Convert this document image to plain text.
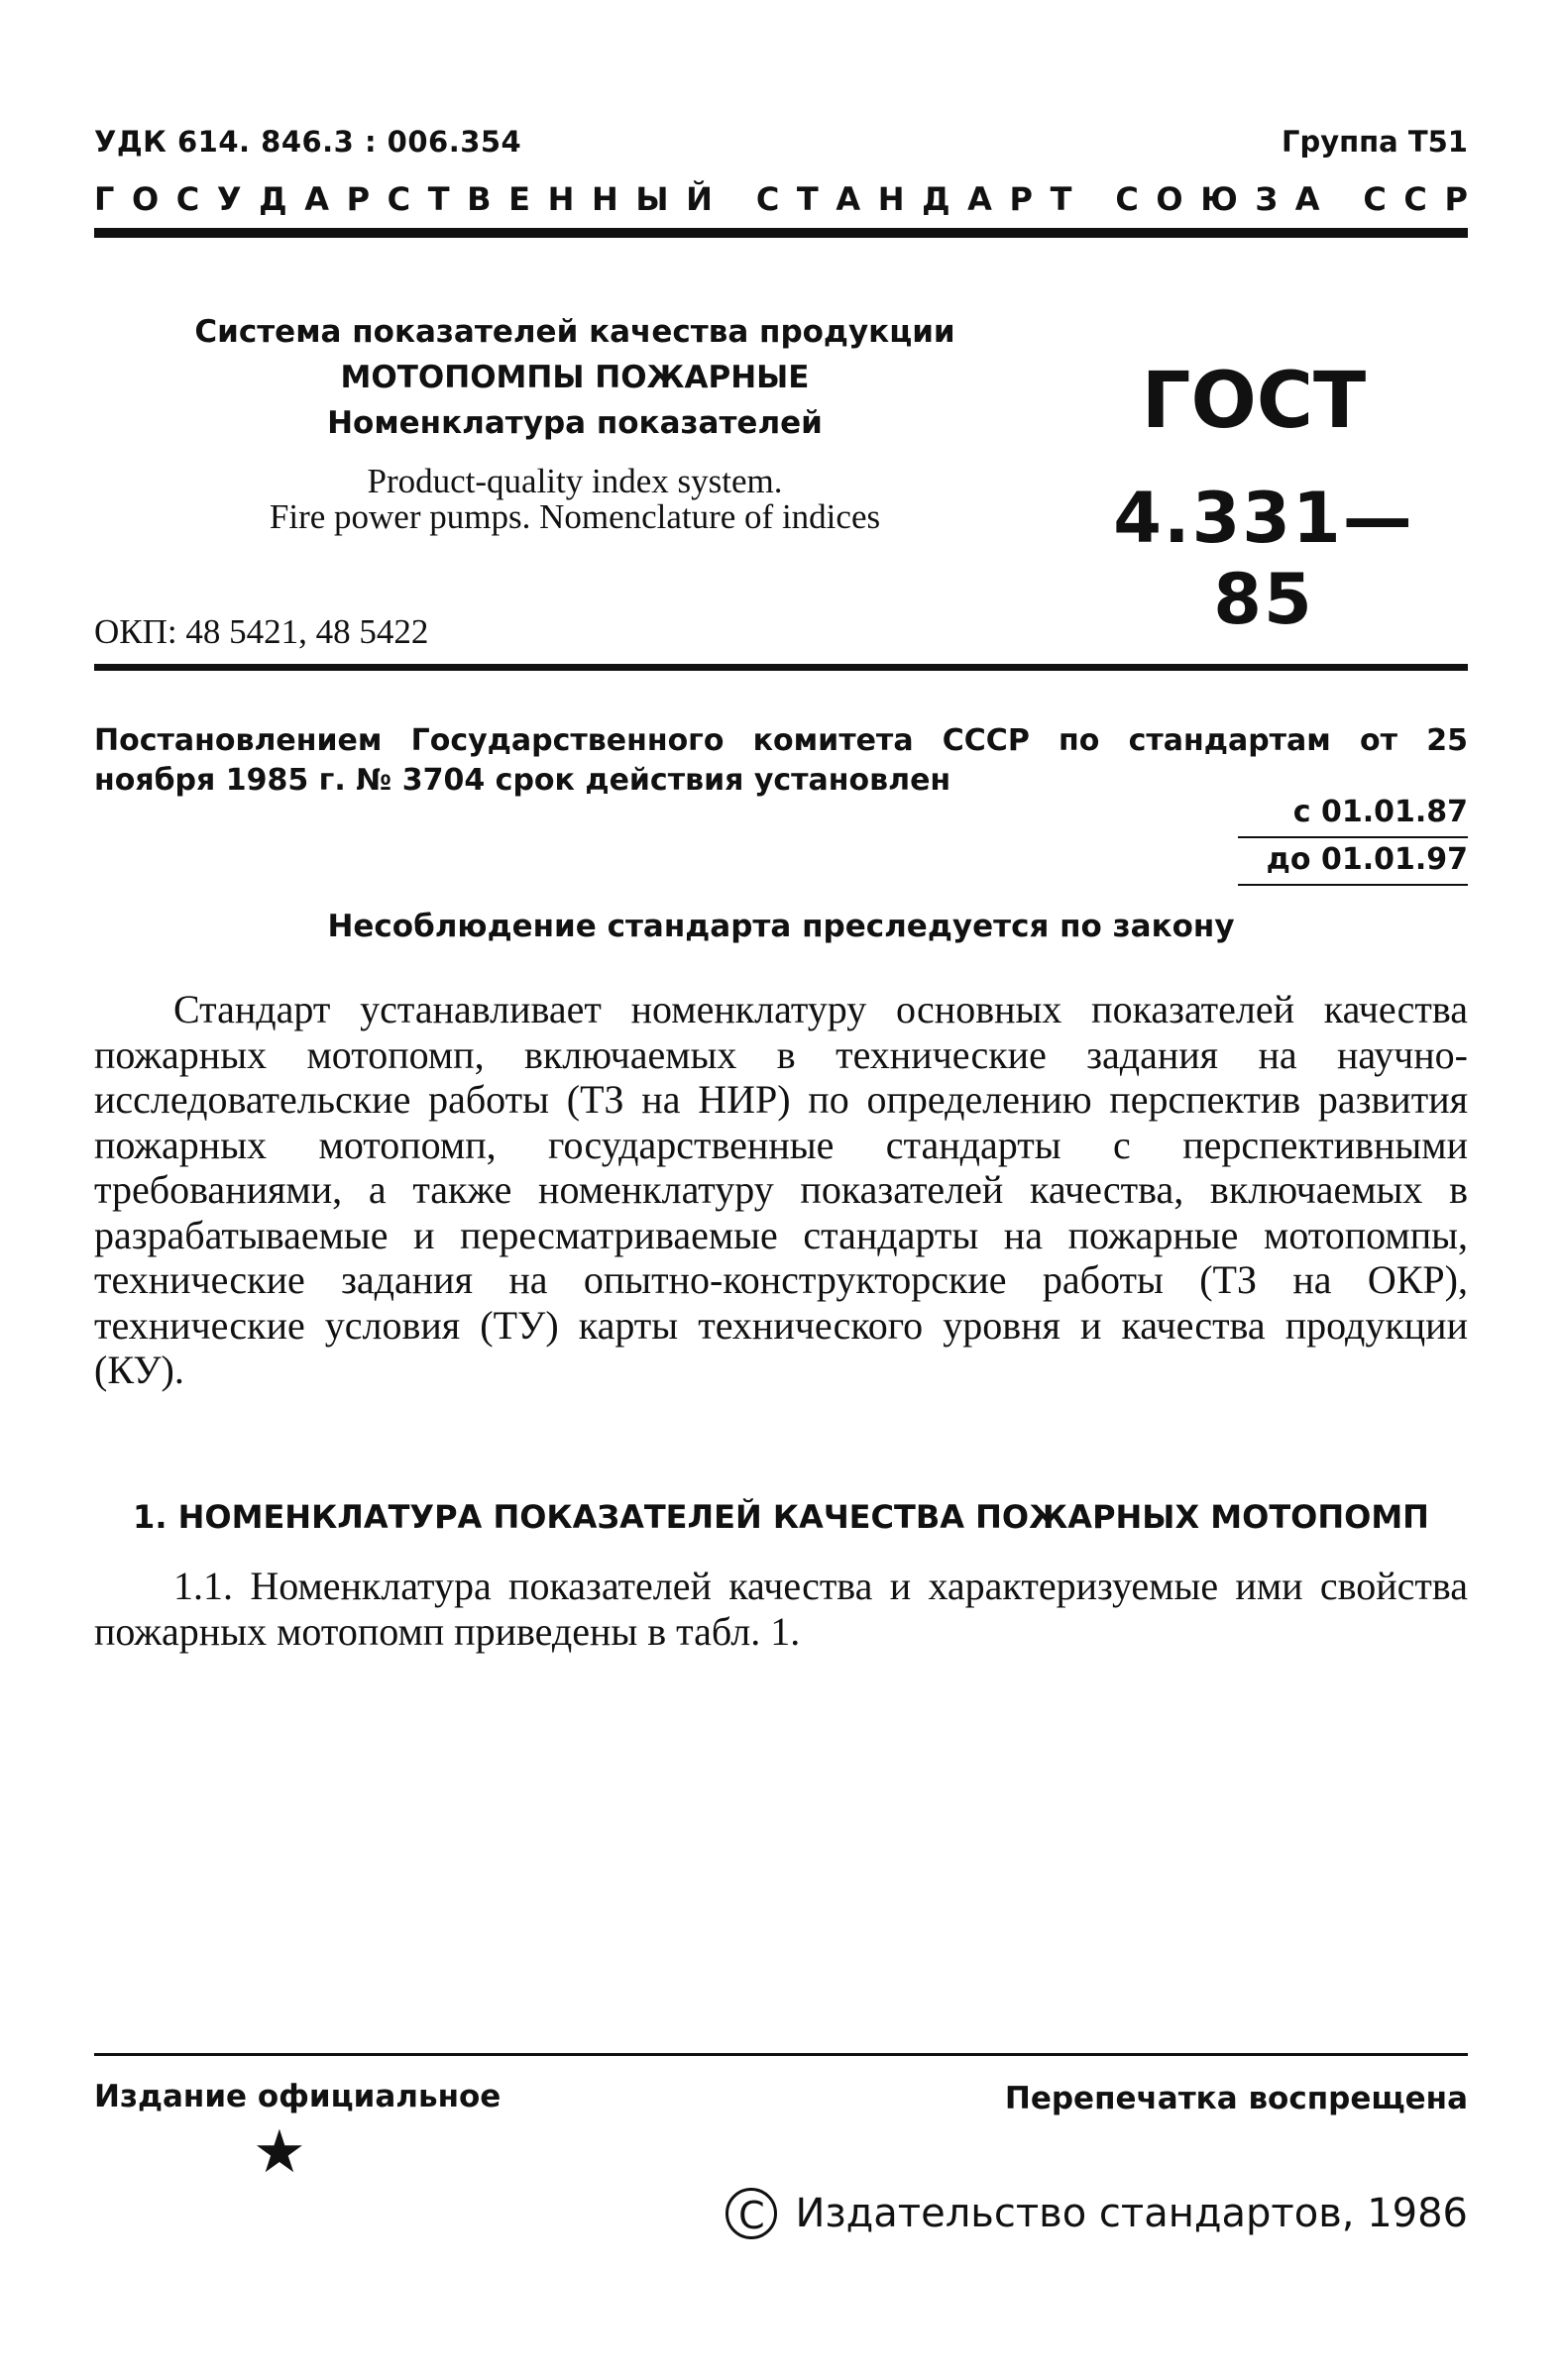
УДК 614. 846.3 : 006.354	Группа Т51
ГОСУДАРСТВЕННЫЙ СТАНДАРТ СОЮЗА ССР
Система показателей качества продукции
МОТОПОМПЫ ПОЖАРНЫЕ
Номенклатура показателей
Product-quality index system.
Fire power pumps. Nomenclature of indices
ГОСТ
4.331—85
ОКП: 48 5421, 48 5422
Постановлением Государственного комитета СССР по стандартам от 25 ноября 1985 г. № 3704 срок действия установлен
с 01.01.87
до 01.01.97
Несоблюдение стандарта преследуется по закону
Стандарт устанавливает номенклатуру основных показателей качества пожарных мотопомп, включаемых в технические задания на научно-исследовательские работы (ТЗ на НИР) по определению перспектив развития пожарных мотопомп, государственные стандарты с перспективными требованиями, а также номенклатуру показателей качества, включаемых в разрабатываемые и пересматриваемые стандарты на пожарные мотопомпы, технические задания на опытно-конструкторские работы (ТЗ на ОКР), технические условия (ТУ) карты технического уровня и качества продукции (КУ).
1. НОМЕНКЛАТУРА ПОКАЗАТЕЛЕЙ КАЧЕСТВА ПОЖАРНЫХ МОТОПОМП
1.1. Номенклатура показателей качества и характеризуемые ими свойства пожарных мотопомп приведены в табл. 1.
Издание официальное	Перепечатка воспрещена
★
C Издательство стандартов, 1986
